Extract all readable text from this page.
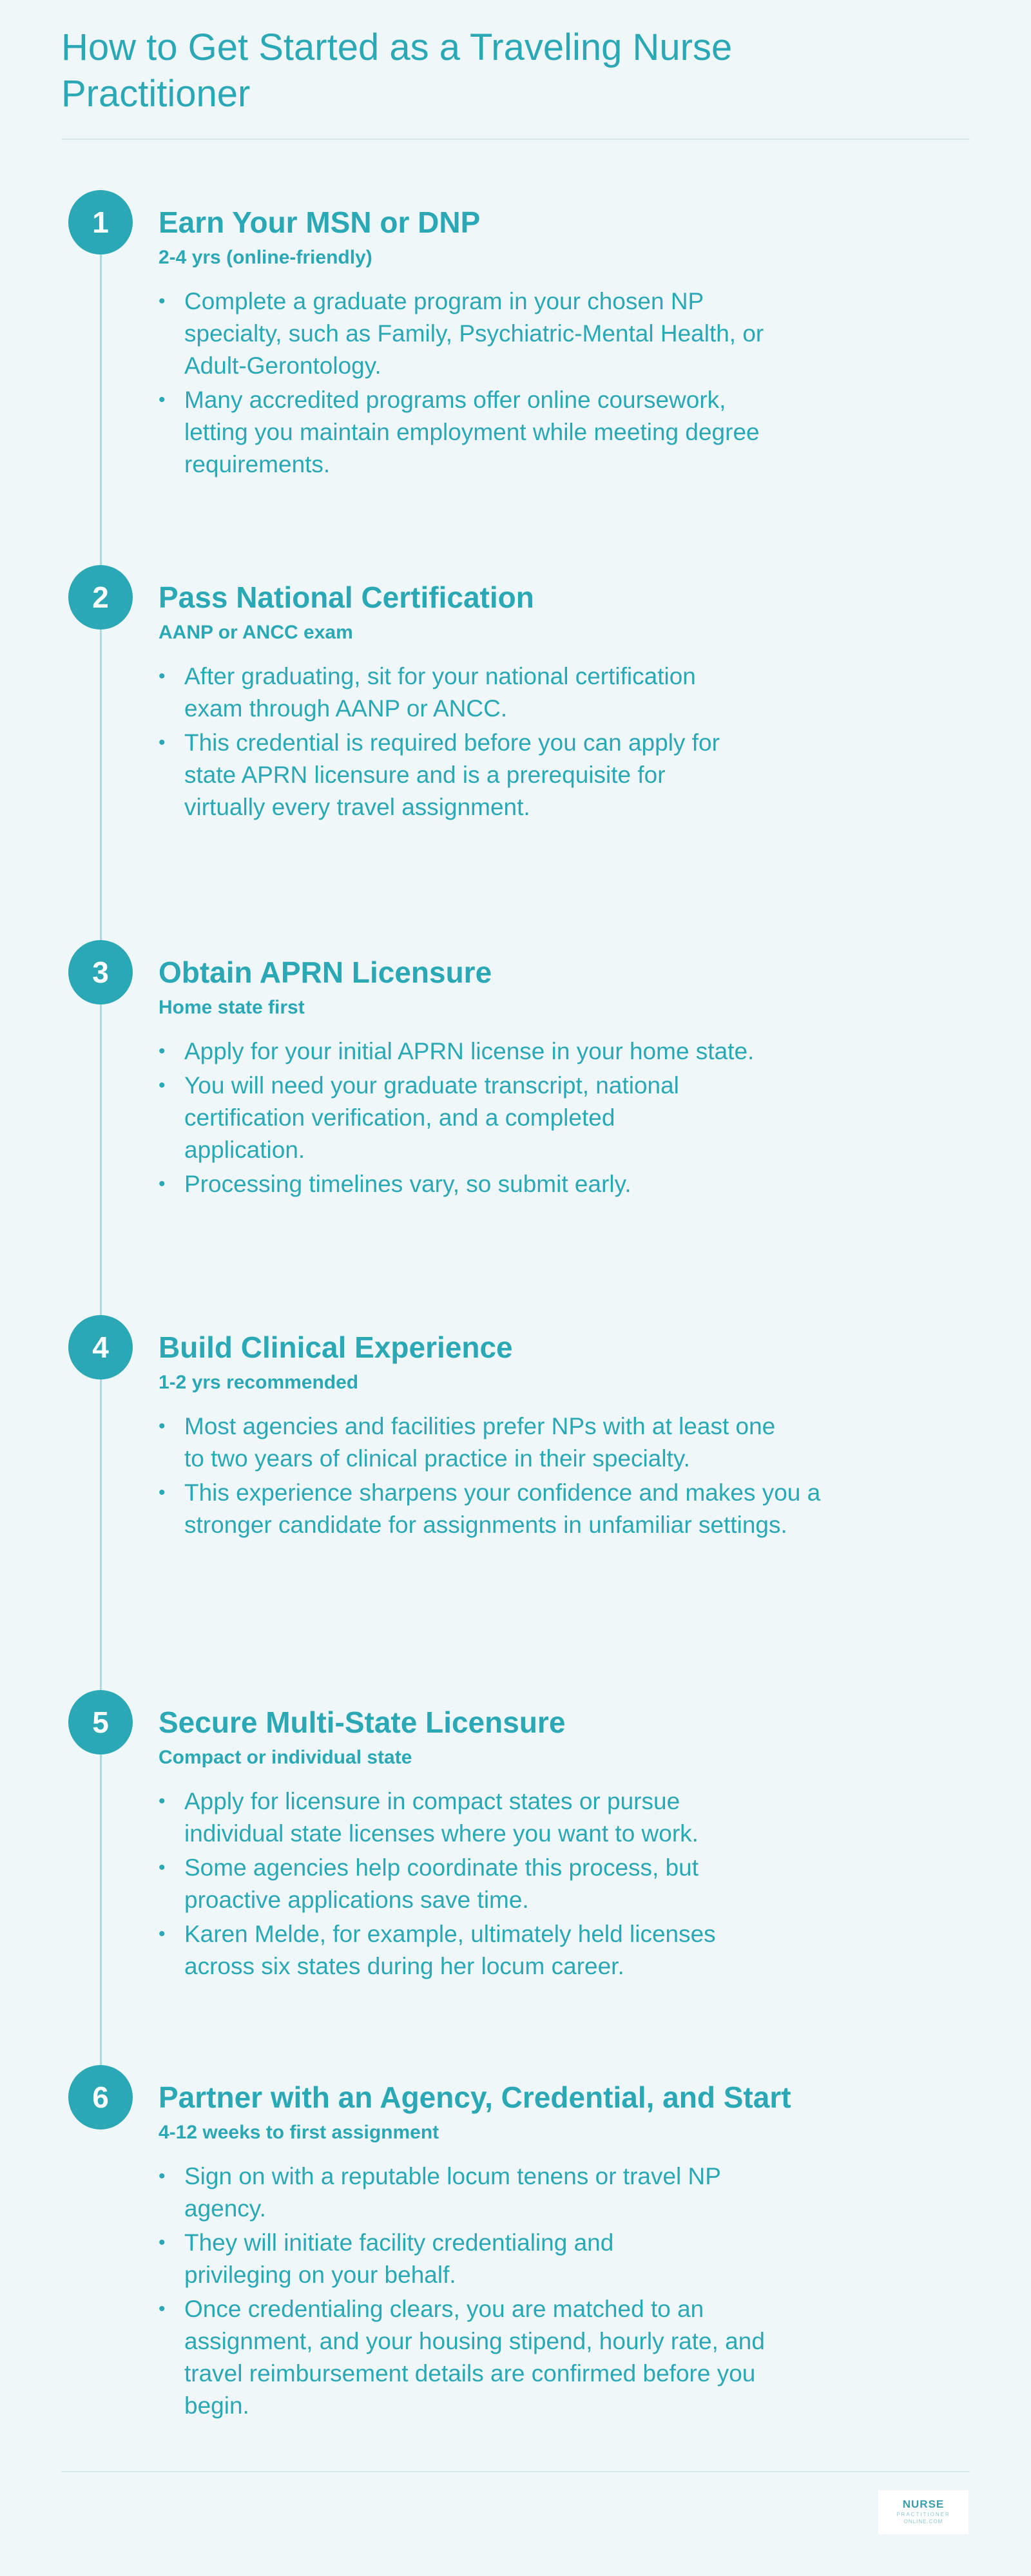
How to Get Started as a Traveling Nurse Practitioner
1	Earn Your MSN or DNP
2-4 yrs (online-friendly)
• Complete a graduate program in your chosen NP specialty, such as Family, Psychiatric-Mental Health, or Adult-Gerontology.
• Many accredited programs offer online coursework, letting you maintain employment while meeting degree requirements.
2	Pass National Certification
AANP or ANCC exam
• After graduating, sit for your national certification exam through AANP or ANCC.
• This credential is required before you can apply for state APRN licensure and is a prerequisite for virtually every travel assignment.
3	Obtain APRN Licensure
Home state first
• Apply for your initial APRN license in your home state.
• You will need your graduate transcript, national certification verification, and a completed application.
• Processing timelines vary, so submit early.
4	Build Clinical Experience
1-2 yrs recommended
• Most agencies and facilities prefer NPs with at least one to two years of clinical practice in their specialty.
• This experience sharpens your confidence and makes you a stronger candidate for assignments in unfamiliar settings.
5	Secure Multi-State Licensure
Compact or individual state
• Apply for licensure in compact states or pursue individual state licenses where you want to work.
• Some agencies help coordinate this process, but proactive applications save time.
• Karen Melde, for example, ultimately held licenses across six states during her locum career.
6	Partner with an Agency, Credential, and Start
4-12 weeks to first assignment
• Sign on with a reputable locum tenens or travel NP agency.
• They will initiate facility credentialing and privileging on your behalf.
• Once credentialing clears, you are matched to an assignment, and your housing stipend, hourly rate, and travel reimbursement details are confirmed before you begin.
NURSE
PRACTITIONER
ONLINE.COM
